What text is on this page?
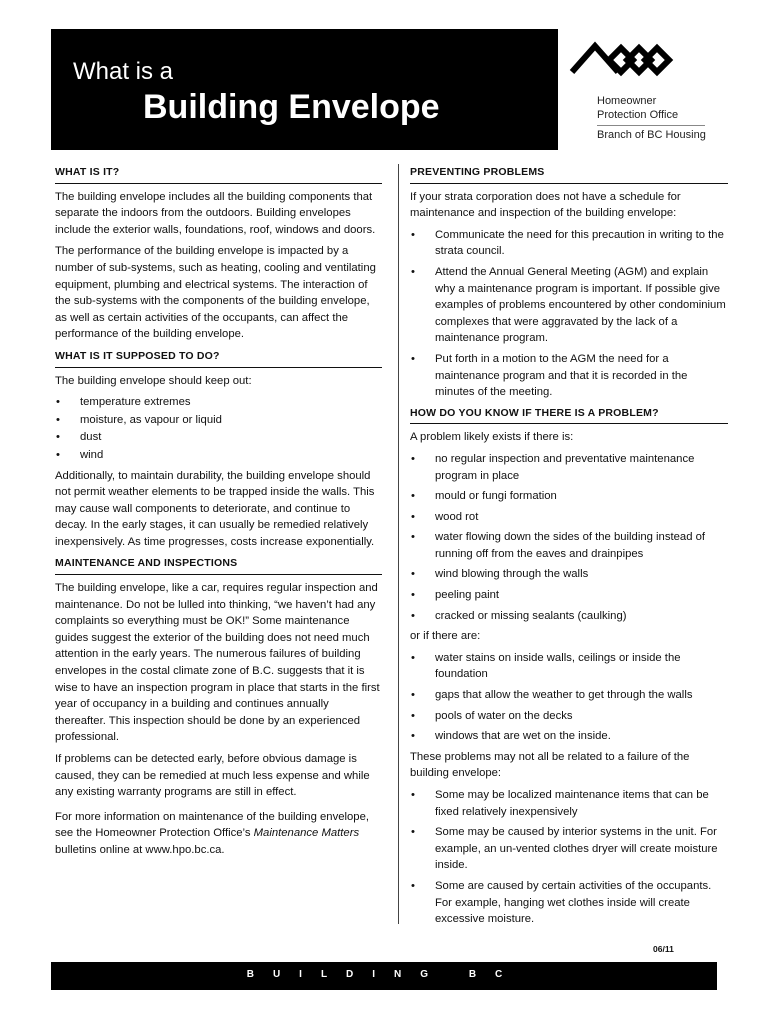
What is a
Building Envelope	Homeowner
Protection Office
Branch of BC Housing
WHAT IS IT?

The building envelope includes all the building components that separate the indoors from the outdoors. Building envelopes include the exterior walls, foundations, roof, windows and doors.

The performance of the building envelope is impacted by a number of sub-systems, such as heating, cooling and ventilating equipment, plumbing and electrical systems. The interaction of the sub-systems with the components of the building envelope, as well as certain activities of the occupants, can affect the performance of the building envelope.

WHAT IS IT SUPPOSED TO DO?

The building envelope should keep out:

• temperature extremes
• moisture, as vapour or liquid
• dust
• wind

Additionally, to maintain durability, the building envelope should not permit weather elements to be trapped inside the walls. This may cause wall components to deteriorate, and continue to decay. In the early stages, it can usually be remedied relatively inexpensively. As time progresses, costs increase exponentially.

MAINTENANCE AND INSPECTIONS

The building envelope, like a car, requires regular inspection and maintenance. Do not be lulled into thinking, “we haven’t had any complaints so everything must be OK!” Some maintenance guides suggest the exterior of the building does not need much attention in the early years. The numerous failures of building envelopes in the costal climate zone of B.C. suggests that it is wise to have an inspection program in place that starts in the first year of occupancy in a building and continues annually thereafter. This inspection should be done by an experienced professional.

If problems can be detected early, before obvious damage is caused, they can be remedied at much less expense and while any existing warranty programs are still in effect.

For more information on maintenance of the building envelope, see the Homeowner Protection Office’s Maintenance Matters bulletins online at www.hpo.bc.ca.

PREVENTING PROBLEMS

If your strata corporation does not have a schedule for maintenance and inspection of the building envelope:

• Communicate the need for this precaution in writing to the strata council.
• Attend the Annual General Meeting (AGM) and explain why a maintenance program is important. If possible give examples of problems encountered by other condominium complexes that were aggravated by the lack of a maintenance program.
• Put forth in a motion to the AGM the need for a maintenance program and that it is recorded in the minutes of the meeting.
HOW DO YOU KNOW IF THERE IS A PROBLEM?

A problem likely exists if there is:

• no regular inspection and preventative maintenance program in place
• mould or fungi formation
• wood rot
• water flowing down the sides of the building instead of running off from the eaves and drainpipes
• wind blowing through the walls
• peeling paint
• cracked or missing sealants (caulking)

or if there are:

• water stains on inside walls, ceilings or inside the foundation
• gaps that allow the weather to get through the walls
• pools of water on the decks
• windows that are wet on the inside.

These problems may not all be related to a failure of the building envelope:

• Some may be localized maintenance items that can be fixed relatively inexpensively
• Some may be caused by interior systems in the unit. For example, an un-vented clothes dryer will create moisture inside.
• Some are caused by certain activities of the occupants. For example, hanging wet clothes inside will create excessive moisture.
06/11
BUILDING BC
